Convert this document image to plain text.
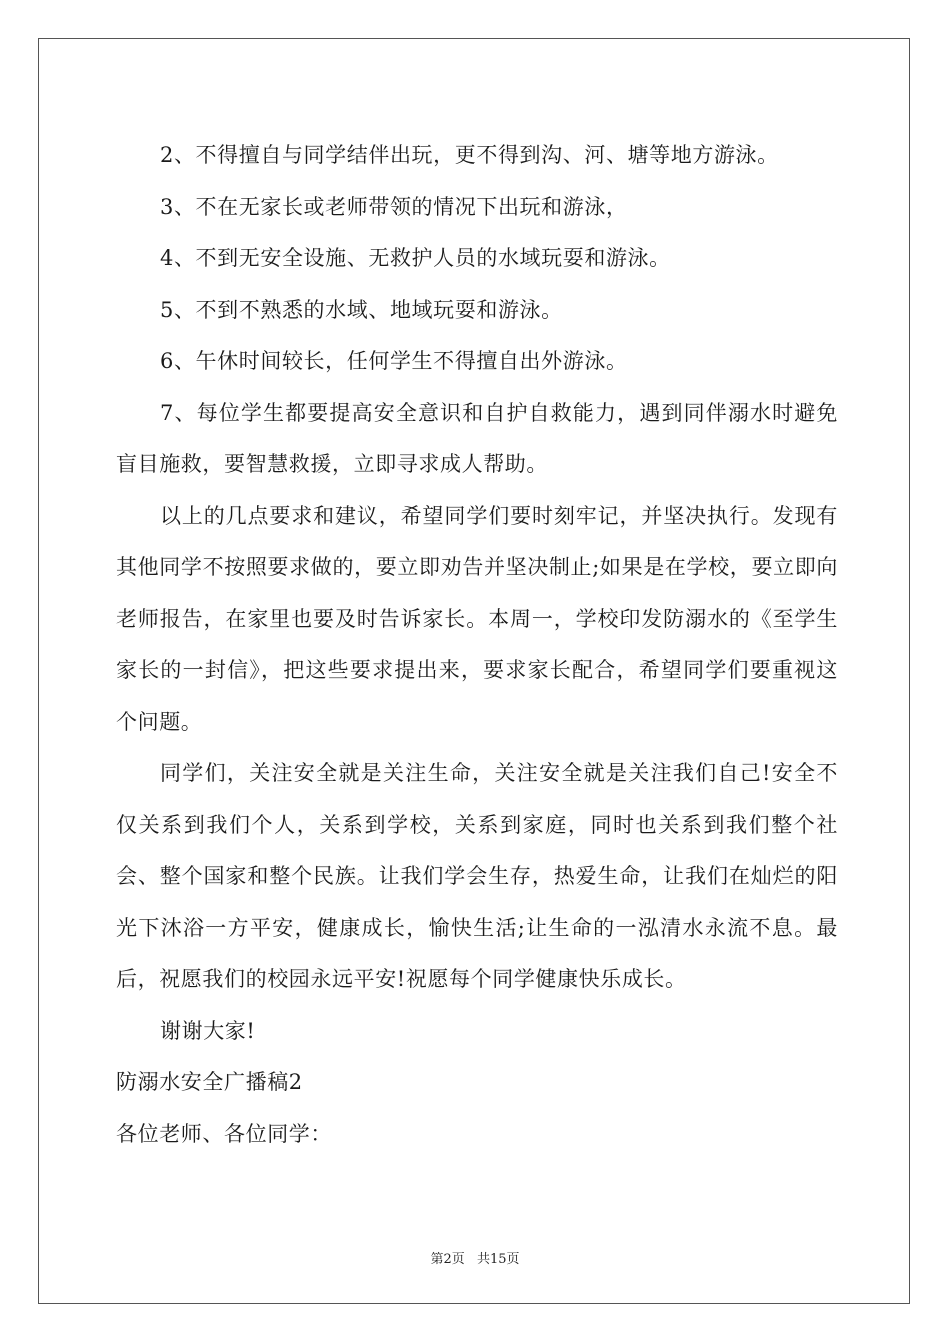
2、不得擅自与同学结伴出玩，更不得到沟、河、塘等地方游泳。

3、不在无家长或老师带领的情况下出玩和游泳，

4、不到无安全设施、无救护人员的水域玩耍和游泳。

5、不到不熟悉的水域、地域玩耍和游泳。

6、午休时间较长，任何学生不得擅自出外游泳。

7、每位学生都要提高安全意识和自护自救能力，遇到同伴溺水时避免盲目施救，要智慧救援，立即寻求成人帮助。

以上的几点要求和建议，希望同学们要时刻牢记，并坚决执行。发现有其他同学不按照要求做的，要立即劝告并坚决制止;如果是在学校，要立即向老师报告，在家里也要及时告诉家长。本周一，学校印发防溺水的《至学生家长的一封信》，把这些要求提出来，要求家长配合，希望同学们要重视这个问题。

同学们，关注安全就是关注生命，关注安全就是关注我们自己!安全不仅关系到我们个人，关系到学校，关系到家庭，同时也关系到我们整个社会、整个国家和整个民族。让我们学会生存，热爱生命，让我们在灿烂的阳光下沐浴一方平安，健康成长，愉快生活;让生命的一泓清水永流不息。最后，祝愿我们的校园永远平安!祝愿每个同学健康快乐成长。

谢谢大家!

防溺水安全广播稿2

各位老师、各位同学：

第2页 共15页
